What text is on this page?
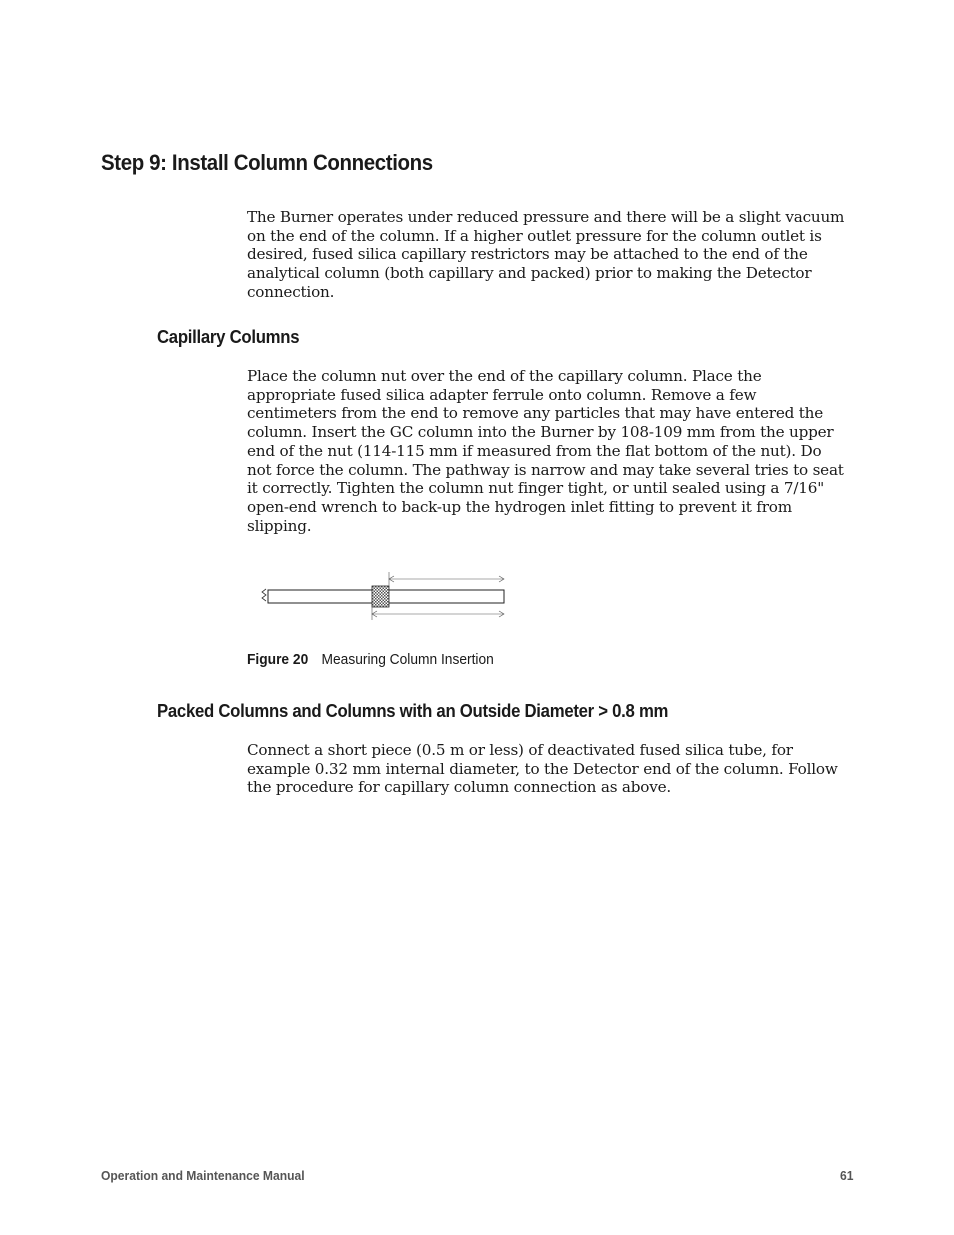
Step 9: Install Column Connections
The Burner operates under reduced pressure and there will be a slight vacuum
on the end of the column. If a higher outlet pressure for the column outlet is
desired, fused silica capillary restrictors may be attached to the end of the
analytical column (both capillary and packed) prior to making the Detector
connection.
Capillary Columns
Place the column nut over the end of the capillary column. Place the
appropriate fused silica adapter ferrule onto column. Remove a few
centimeters from the end to remove any particles that may have entered the
column. Insert the GC column into the Burner by 108-109 mm from the upper
end of the nut (114-115 mm if measured from the flat bottom of the nut). Do
not force the column. The pathway is narrow and may take several tries to seat
it correctly. Tighten the column nut finger tight, or until sealed using a 7/16"
open-end wrench to back-up the hydrogen inlet fitting to prevent it from
slipping.
Figure 20 Measuring Column Insertion
Packed Columns and Columns with an Outside Diameter > 0.8 mm
Connect a short piece (0.5 m or less) of deactivated fused silica tube, for
example 0.32 mm internal diameter, to the Detector end of the column. Follow
the procedure for capillary column connection as above.
Operation and Maintenance Manual	61
